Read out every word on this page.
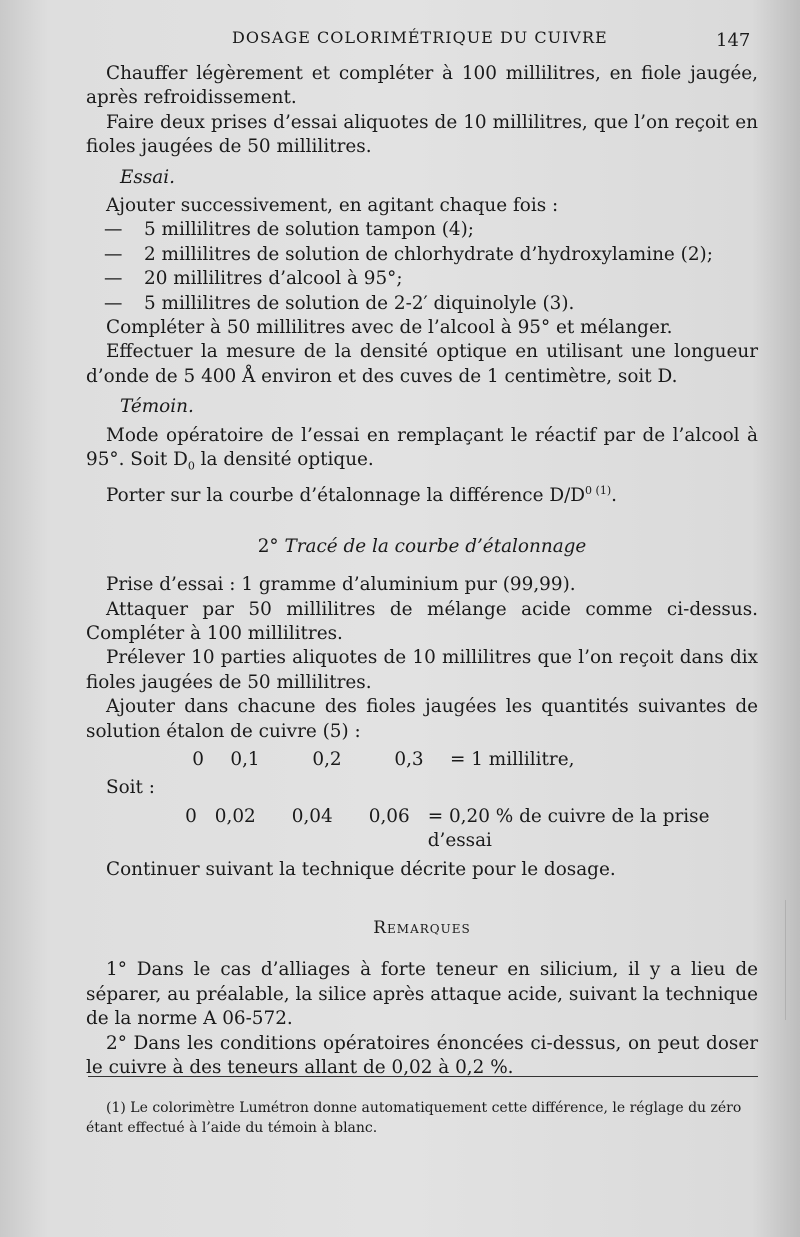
DOSAGE COLORIMÉTRIQUE DU CUIVRE	147

Chauffer légèrement et compléter à 100 millilitres, en fiole jaugée, après refroidissement.

Faire deux prises d’essai aliquotes de 10 millilitres, que l’on reçoit en fioles jaugées de 50 millilitres.

Essai.

Ajouter successivement, en agitant chaque fois :

— 5 millilitres de solution tampon (4);
— 2 millilitres de solution de chlorhydrate d’hydroxylamine (2);
— 20 millilitres d’alcool à 95°;
— 5 millilitres de solution de 2-2′ diquinolyle (3).

Compléter à 50 millilitres avec de l’alcool à 95° et mélanger.

Effectuer la mesure de la densité optique en utilisant une longueur d’onde de 5 400 Å environ et des cuves de 1 centimètre, soit D.

Témoin.

Mode opératoire de l’essai en remplaçant le réactif par de l’alcool à 95°. Soit $D_0$ la densité optique.

Porter sur la courbe d’étalonnage la différence $D/D^0$ $^{(1)}$.

2° Tracé de la courbe d’étalonnage

Prise d’essai : 1 gramme d’aluminium pur (99,99).

Attaquer par 50 millilitres de mélange acide comme ci-dessus. Compléter à 100 millilitres.

Prélever 10 parties aliquotes de 10 millilitres que l’on reçoit dans dix fioles jaugées de 50 millilitres.

Ajouter dans chacune des fioles jaugées les quantités suivantes de solution étalon de cuivre (5) :

0	0,1	0,2	0,3	= 1 millilitre,
Soit :
0 0,02	0,04	0,06 = 0,20 % de cuivre de la prise d’essai

Continuer suivant la technique décrite pour le dosage.

Remarques

1° Dans le cas d’alliages à forte teneur en silicium, il y a lieu de séparer, au préalable, la silice après attaque acide, suivant la technique de la norme A 06-572.

2° Dans les conditions opératoires énoncées ci-dessus, on peut doser le cuivre à des teneurs allant de 0,02 à 0,2 %.

(1) Le colorimètre Lumétron donne automatiquement cette différence, le réglage du zéro
étant effectué à l’aide du témoin à blanc.
